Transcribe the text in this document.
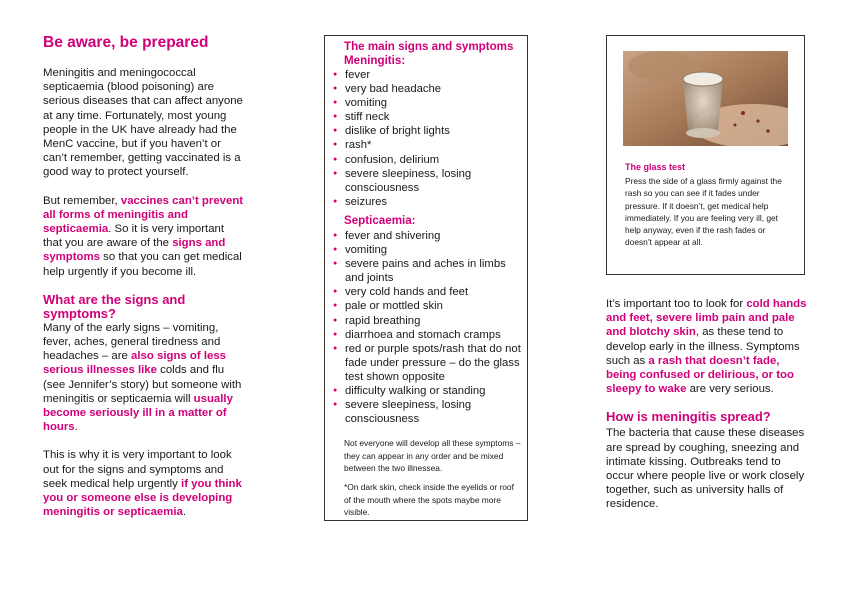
Be aware, be prepared

Meningitis and meningococcal septicaemia (blood poisoning) are serious diseases that can affect anyone at any time. Fortunately, most young people in the UK have already had the MenC vaccine, but if you haven’t or can’t remember, getting vaccinated is a good way to protect yourself.

But remember, vaccines can’t prevent all forms of meningitis and septicaemia. So it is very important that you are aware of the signs and symptoms so that you can get medical help urgently if you become ill.

What are the signs and symptoms?

Many of the early signs – vomiting, fever, aches, general tiredness and headaches – are also signs of less serious illnesses like colds and flu (see Jennifer’s story) but someone with meningitis or septicaemia will usually become seriously ill in a matter of hours.

This is why it is very important to look out for the signs and symptoms and seek medical help urgently if you think you or someone else is developing meningitis or septicaemia.

The main signs and symptoms Meningitis:
● fever
● very bad headache
● vomiting
● stiff neck
● dislike of bright lights
● rash*
● confusion, delirium
● severe sleepiness, losing consciousness
● seizures
Septicaemia:
● fever and shivering
● vomiting
● severe pains and aches in limbs and joints
● very cold hands and feet
● pale or mottled skin
● rapid breathing
● diarrhoea and stomach cramps
● red or purple spots/rash that do not fade under pressure – do the glass test shown opposite
● difficulty walking or standing
● severe sleepiness, losing consciousness
Not everyone will develop all these symptoms – they can appear in any order and be mixed between the two illnessea.
*On dark skin, check inside the eyelids or roof of the mouth where the spots maybe more visible.
The glass test
Press the side of a glass firmly against the rash so you can see if it fades under pressure. If it doesn’t, get medical help immediately. If you are feeling very ill, get help anyway, even if the rash fades or doesn’t appear at all.

It’s important too to look for cold hands and feet, severe limb pain and pale and blotchy skin, as these tend to develop early in the illness. Symptoms such as a rash that doesn’t fade, being confused or delirious, or too sleepy to wake are very serious.

How is meningitis spread?

The bacteria that cause these diseases are spread by coughing, sneezing and intimate kissing. Outbreaks tend to occur where people live or work closely together, such as university halls of residence.
